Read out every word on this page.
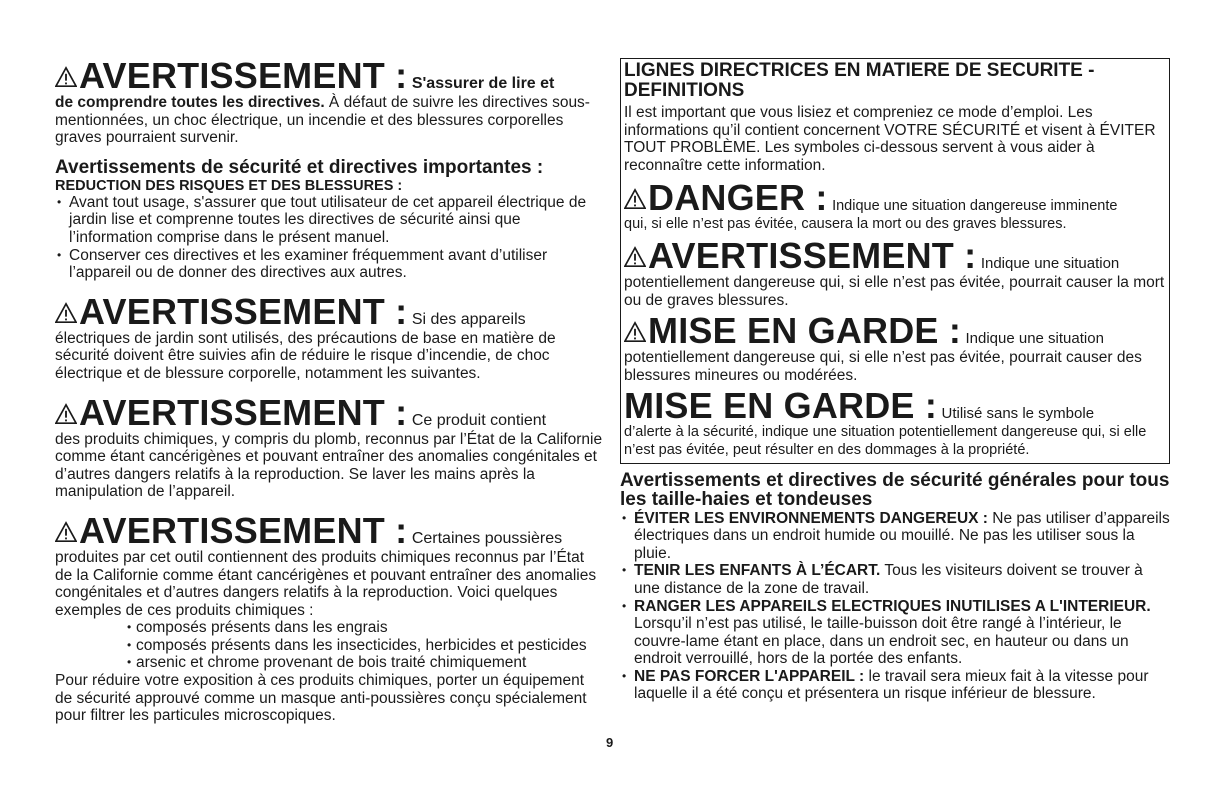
AVERTISSEMENT : S'assurer de lire et

de comprendre toutes les directives. À défaut de suivre les directives sous-mentionnées, un choc électrique, un incendie et des blessures corporelles graves pourraient survenir.

Avertissements de sécurité et directives importantes :

REDUCTION DES RISQUES ET DES BLESSURES :

• Avant tout usage, s'assurer que tout utilisateur de cet appareil électrique de jardin lise et comprenne toutes les directives de sécurité ainsi que l’information comprise dans le présent manuel.
• Conserver ces directives et les examiner fréquemment avant d’utiliser l’appareil ou de donner des directives aux autres.

AVERTISSEMENT : Si des appareils

électriques de jardin sont utilisés, des précautions de base en matière de sécurité doivent être suivies afin de réduire le risque d’incendie, de choc électrique et de blessure corporelle, notamment les suivantes.

AVERTISSEMENT : Ce produit contient

des produits chimiques, y compris du plomb, reconnus par l’État de la Californie comme étant cancérigènes et pouvant entraîner des anomalies congénitales et d’autres dangers relatifs à la reproduction. Se laver les mains après la manipulation de l’appareil.

AVERTISSEMENT : Certaines poussières

produites par cet outil contiennent des produits chimiques reconnus par l’État de la Californie comme étant cancérigènes et pouvant entraîner des anomalies congénitales et d’autres dangers relatifs à la reproduction. Voici quelques exemples de ces produits chimiques :

• composés présents dans les engrais
• composés présents dans les insecticides, herbicides et pesticides
• arsenic et chrome provenant de bois traité chimiquement

Pour réduire votre exposition à ces produits chimiques, porter un équipement de sécurité approuvé comme un masque anti-poussières conçu spécialement pour filtrer les particules microscopiques.

LIGNES DIRECTRICES EN MATIERE DE SECURITE - DEFINITIONS

Il est important que vous lisiez et compreniez ce mode d’emploi. Les informations qu’il contient concernent VOTRE SÉCURITÉ et visent à ÉVITER TOUT PROBLÈME. Les symboles ci-dessous servent à vous aider à reconnaître cette information.

DANGER : Indique une situation dangereuse imminente

qui, si elle n’est pas évitée, causera la mort ou des graves blessures.

AVERTISSEMENT : Indique une situation

potentiellement dangereuse qui, si elle n’est pas évitée, pourrait causer la mort ou de graves blessures.

MISE EN GARDE : Indique une situation

potentiellement dangereuse qui, si elle n’est pas évitée, pourrait causer des blessures mineures ou modérées.

MISE EN GARDE : Utilisé sans le symbole

d’alerte à la sécurité, indique une situation potentiellement dangereuse qui, si elle n’est pas évitée, peut résulter en des dommages à la propriété.

Avertissements et directives de sécurité générales pour tous les taille-haies et tondeuses

• ÉVITER LES ENVIRONNEMENTS DANGEREUX : Ne pas utiliser d’appareils électriques dans un endroit humide ou mouillé. Ne pas les utiliser sous la pluie.
• TENIR LES ENFANTS À L’ÉCART. Tous les visiteurs doivent se trouver à une distance de la zone de travail.
• RANGER LES APPAREILS ELECTRIQUES INUTILISES A L'INTERIEUR. Lorsqu’il n’est pas utilisé, le taille-buisson doit être rangé à l’intérieur, le couvre-lame étant en place, dans un endroit sec, en hauteur ou dans un endroit verrouillé, hors de la portée des enfants.
• NE PAS FORCER L'APPAREIL : le travail sera mieux fait à la vitesse pour laquelle il a été conçu et présentera un risque inférieur de blessure.
9
